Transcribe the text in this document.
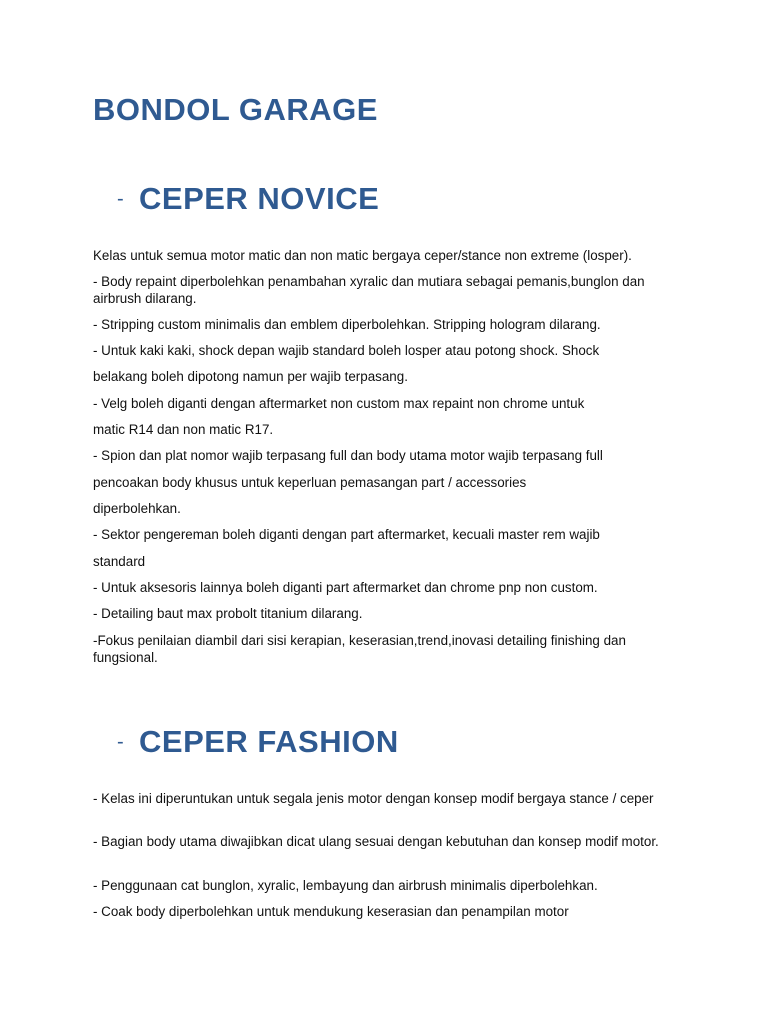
BONDOL GARAGE
- CEPER NOVICE

Kelas untuk semua motor matic dan non matic bergaya ceper/stance non extreme (losper).

- Body repaint diperbolehkan penambahan xyralic dan mutiara sebagai pemanis,bunglon dan airbrush dilarang.

- Stripping custom minimalis dan emblem diperbolehkan. Stripping hologram dilarang.

- Untuk kaki kaki, shock depan wajib standard boleh losper atau potong shock. Shock

belakang boleh dipotong namun per wajib terpasang.

- Velg boleh diganti dengan aftermarket non custom max repaint non chrome untuk

matic R14 dan non matic R17.

- Spion dan plat nomor wajib terpasang full dan body utama motor wajib terpasang full

pencoakan body khusus untuk keperluan pemasangan part / accessories

diperbolehkan.

- Sektor pengereman boleh diganti dengan part aftermarket, kecuali master rem wajib

standard

- Untuk aksesoris lainnya boleh diganti part aftermarket dan chrome pnp non custom.

- Detailing baut max probolt titanium dilarang.

-Fokus penilaian diambil dari sisi kerapian, keserasian,trend,inovasi detailing finishing dan fungsional.

- CEPER FASHION

- Kelas ini diperuntukan untuk segala jenis motor dengan konsep modif bergaya stance / ceper

- Bagian body utama diwajibkan dicat ulang sesuai dengan kebutuhan dan konsep modif motor.

- Penggunaan cat bunglon, xyralic, lembayung dan airbrush minimalis diperbolehkan.

- Coak body diperbolehkan untuk mendukung keserasian dan penampilan motor
